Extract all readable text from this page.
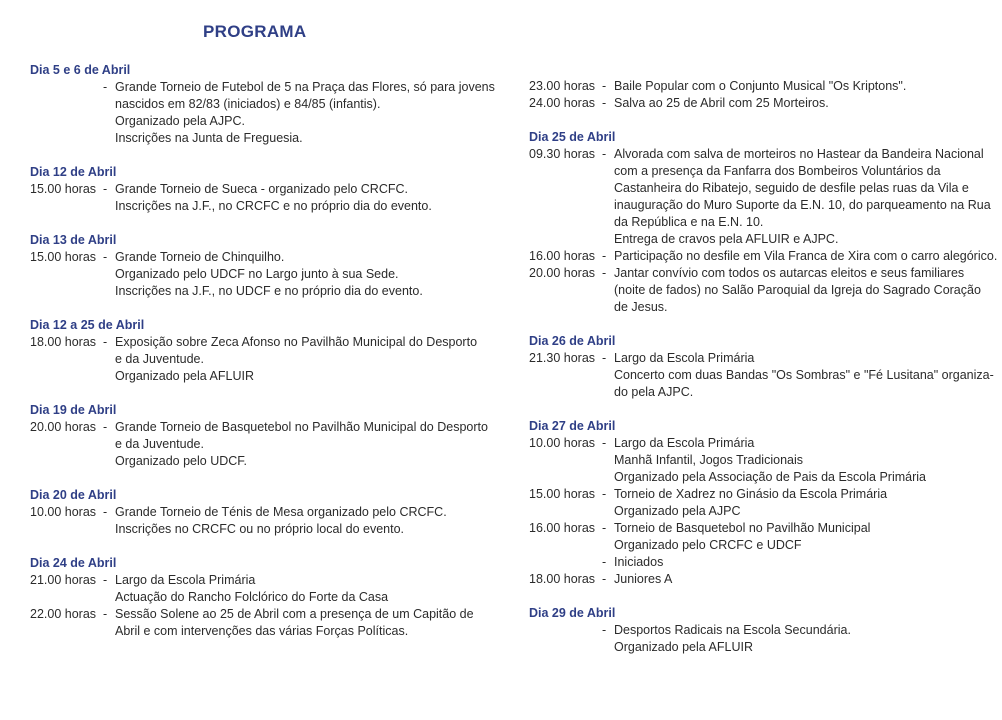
PROGRAMA
Dia 5 e 6 de Abril
- Grande Torneio de Futebol de 5 na Praça das Flores, só para jovens
nascidos em 82/83 (iniciados) e 84/85 (infantis).
Organizado pela AJPC.
Inscrições na Junta de Freguesia.
Dia 12 de Abril
15.00 horas - Grande Torneio de Sueca - organizado pelo CRCFC.
Inscrições na J.F., no CRCFC e no próprio dia do evento.
Dia 13 de Abril
15.00 horas - Grande Torneio de Chinquilho.
Organizado pelo UDCF no Largo junto à sua Sede.
Inscrições na J.F., no UDCF e no próprio dia do evento.
Dia 12 a 25 de Abril
18.00 horas - Exposição sobre Zeca Afonso no Pavilhão Municipal do Desporto
e da Juventude.
Organizado pela AFLUIR
Dia 19 de Abril
20.00 horas - Grande Torneio de Basquetebol no Pavilhão Municipal do Desporto
e da Juventude.
Organizado pelo UDCF.
Dia 20 de Abril
10.00 horas - Grande Torneio de Ténis de Mesa organizado pelo CRCFC.
Inscrições no CRCFC ou no próprio local do evento.
Dia 24 de Abril
21.00 horas - Largo da Escola Primária
Actuação do Rancho Folclórico do Forte da Casa
22.00 horas - Sessão Solene ao 25 de Abril com a presença de um Capitão de
Abril e com intervenções das várias Forças Políticas.
23.00 horas - Baile Popular com o Conjunto Musical "Os Kriptons".
24.00 horas - Salva ao 25 de Abril com 25 Morteiros.
Dia 25 de Abril
09.30 horas - Alvorada com salva de morteiros no Hastear da Bandeira Nacional
com a presença da Fanfarra dos Bombeiros Voluntários da
Castanheira do Ribatejo, seguido de desfile pelas ruas da Vila e
inauguração do Muro Suporte da E.N. 10, do parqueamento na Rua
da República e na E.N. 10.
Entrega de cravos pela AFLUIR e AJPC.
16.00 horas - Participação no desfile em Vila Franca de Xira com o carro alegórico.
20.00 horas - Jantar convívio com todos os autarcas eleitos e seus familiares
(noite de fados) no Salão Paroquial da Igreja do Sagrado Coração
de Jesus.
Dia 26 de Abril
21.30 horas - Largo da Escola Primária
Concerto com duas Bandas "Os Sombras" e "Fé Lusitana" organiza-
do pela AJPC.
Dia 27 de Abril
10.00 horas - Largo da Escola Primária
Manhã Infantil, Jogos Tradicionais
Organizado pela Associação de Pais da Escola Primária
15.00 horas - Torneio de Xadrez no Ginásio da Escola Primária
Organizado pela AJPC
16.00 horas - Torneio de Basquetebol no Pavilhão Municipal
Organizado pelo CRCFC e UDCF
- Iniciados
18.00 horas - Juniores A
Dia 29 de Abril
- Desportos Radicais na Escola Secundária.
Organizado pela AFLUIR
